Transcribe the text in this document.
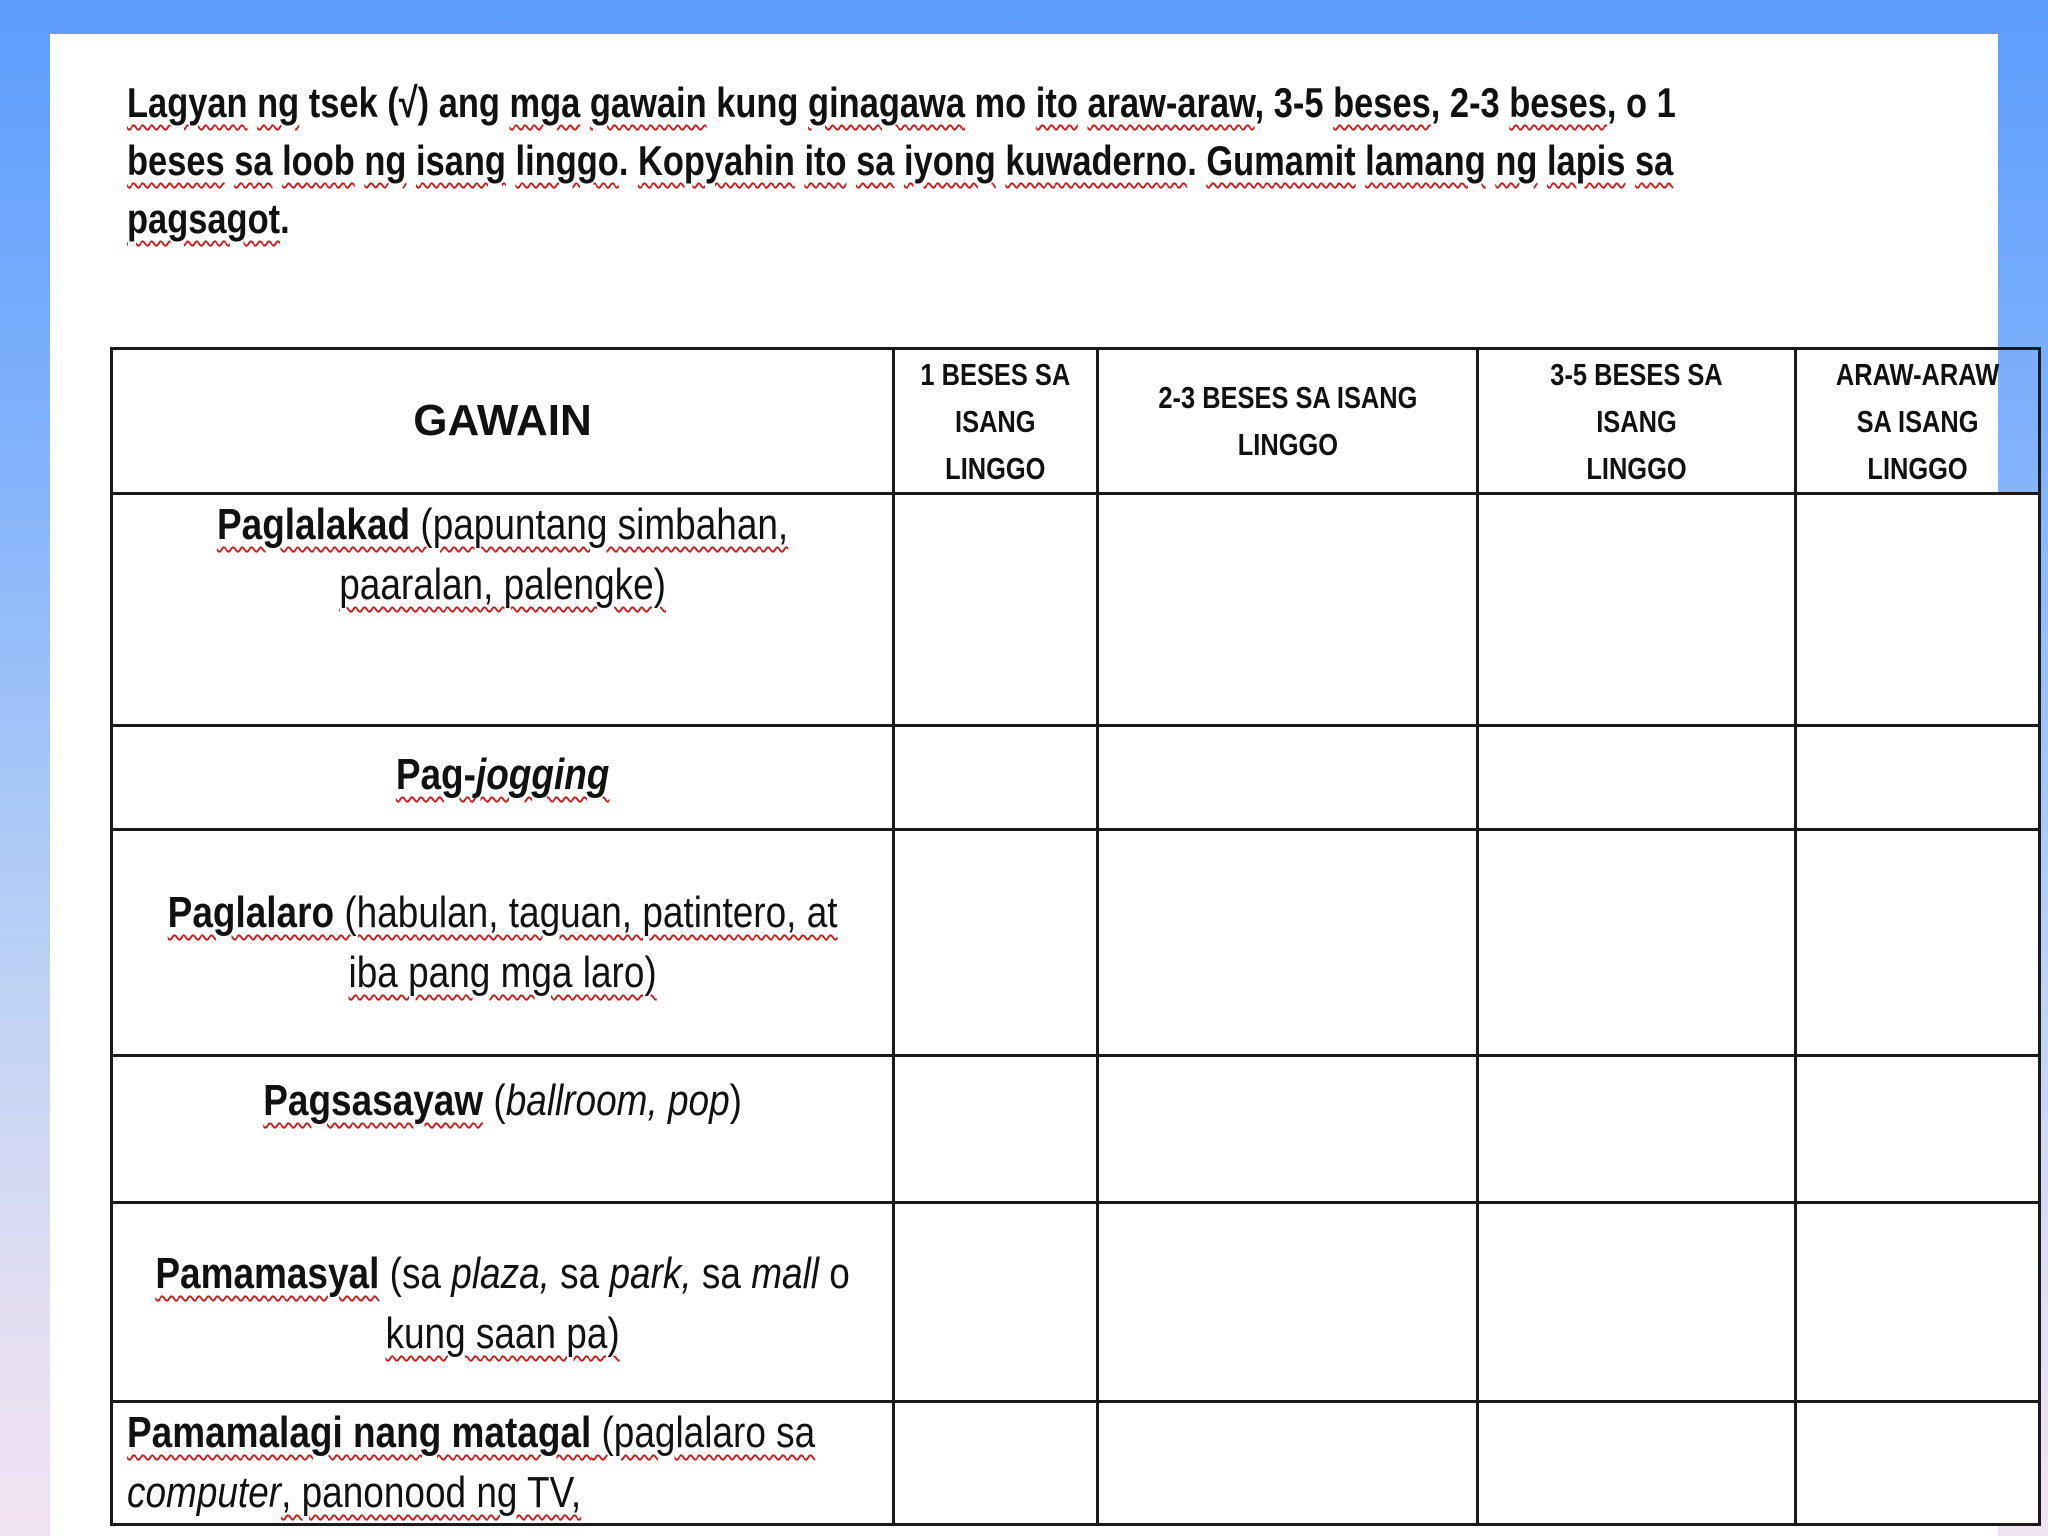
Lagyan ng tsek (√) ang mga gawain kung ginagawa mo ito araw-araw, 3-5 beses, 2-3 beses, o 1
beses sa loob ng isang linggo. Kopyahin ito sa iyong kuwaderno. Gumamit lamang ng lapis sa
pagsagot.
GAWAIN	1 BESES SA
ISANG
LINGGO	2-3 BESES SA ISANG
LINGGO	3-5 BESES SA ISANG
LINGGO	ARAW-ARAW
SA ISANG
LINGGO
Paglalakad (papuntang simbahan,
paaralan, palengke)				
Pag-jogging				
Paglalaro (habulan, taguan, patintero, at
iba pang mga laro)				
Pagsasayaw (ballroom, pop)				
Pamamasyal (sa plaza, sa park, sa mall o
kung saan pa)				
Pamamalagi nang matagal (paglalaro sa
computer, panonood ng TV,				
